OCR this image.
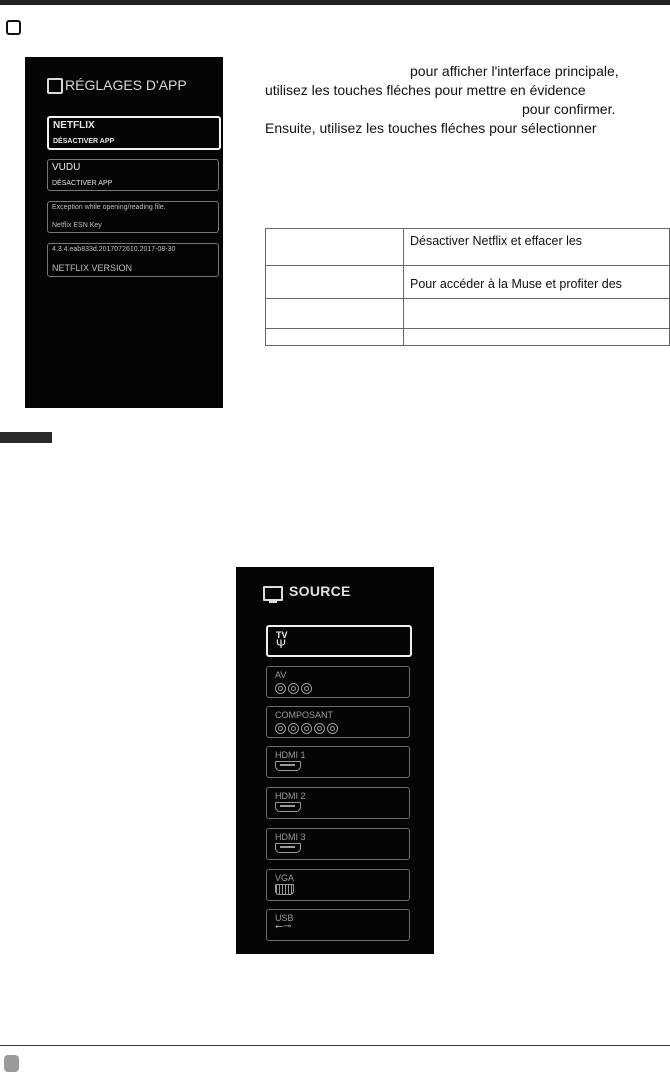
RÉGLAGES D'APP
NETFLIX
DÉSACTIVER APP
VUDU
DÉSACTIVER APP
Exception while opening/reading file.
Netflix ESN Key
4.3.4.eab833d.2017072610.2017-08-30
NETFLIX VERSION
pour afficher l'interface principale,
utilisez les touches fléches pour mettre en évidence
pour confirmer.
Ensuite, utilisez les touches fléches pour sélectionner
Désactiver Netflix et effacer les
Pour accéder à la Muse et profiter des
SOURCE
TV
Ψ
AV
COMPOSANT
HDMI 1
HDMI 2
HDMI 3
VGA
USB
⭠⊸
